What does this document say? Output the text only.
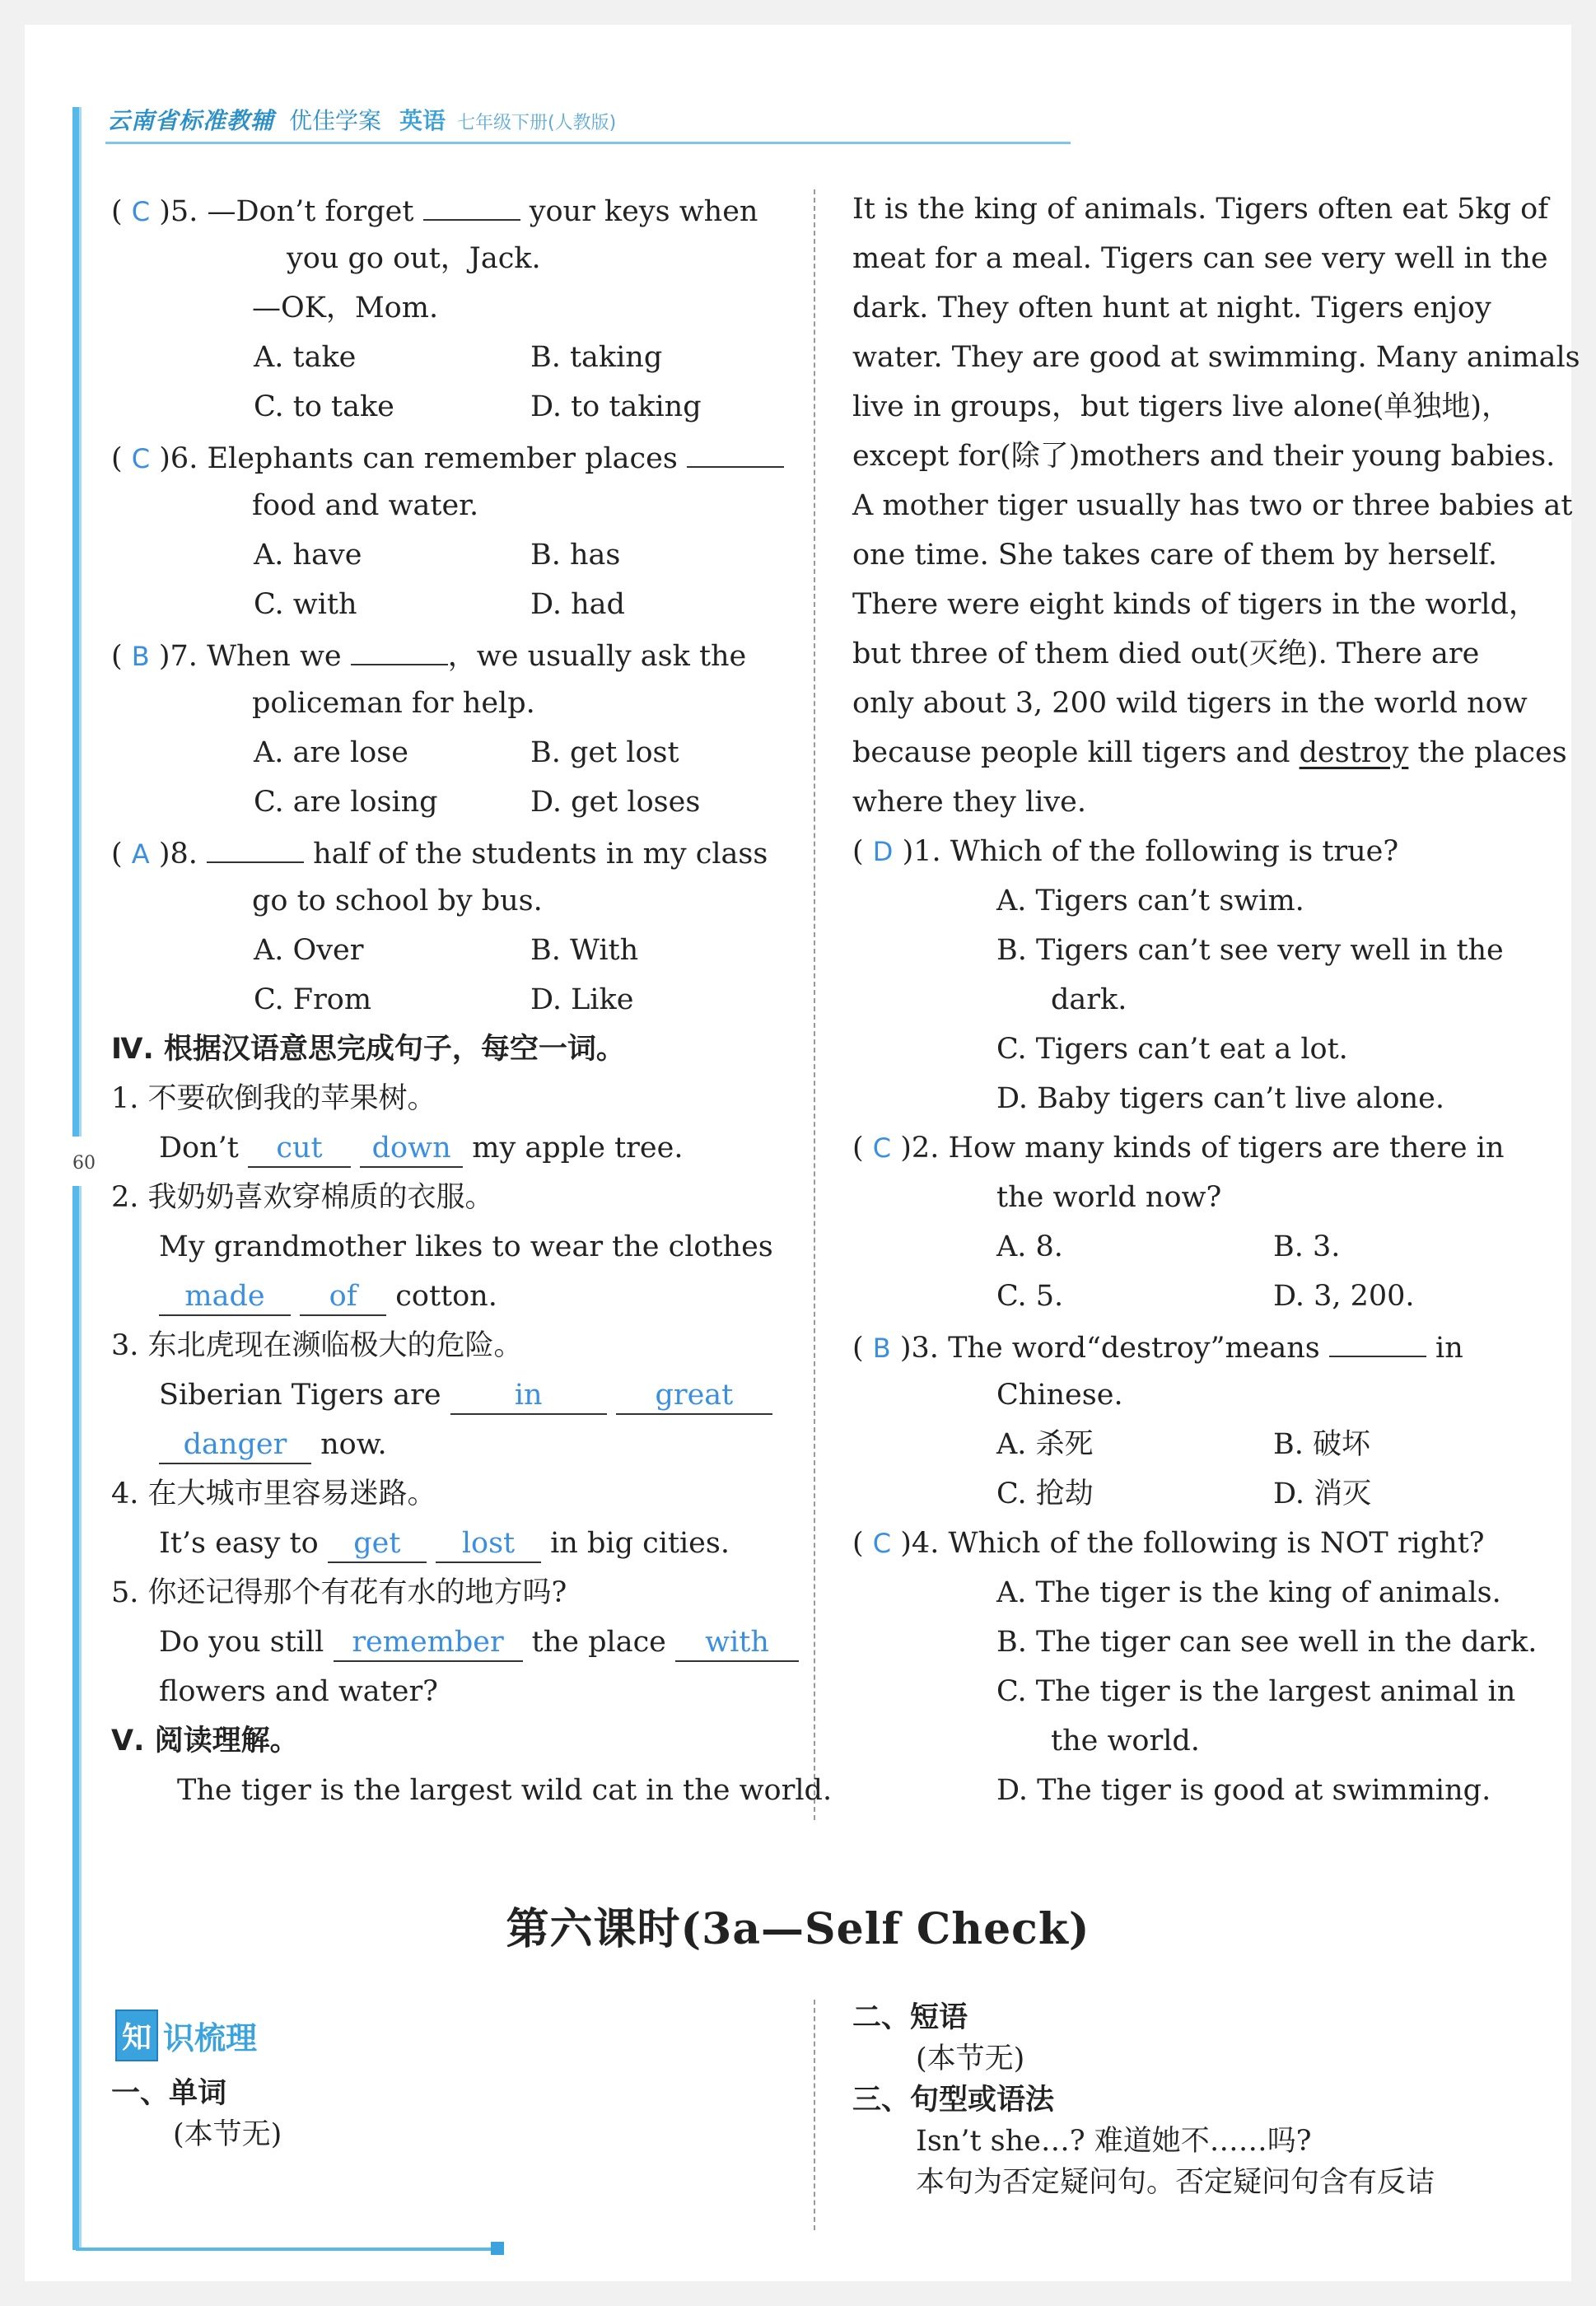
云南省标准教辅 优佳学案 英语 七年级下册(人教版)
60
( C )5. —Don’t forget	your keys when
you go out，Jack.
—OK，Mom.
A. take	B. taking
C. to take	D. to taking
( C )6. Elephants can remember places
food and water.
A. have	B. has
C. with	D. had
( B )7. When we	，we usually ask the
policeman for help.
A. are lose	B. get lost
C. are losing	D. get loses
( A )8.	half of the students in my class
go to school by bus.
A. Over	B. With
C. From	D. Like
Ⅳ. 根据汉语意思完成句子，每空一词。
1. 不要砍倒我的苹果树。
Don’t cut down my apple tree.
2. 我奶奶喜欢穿棉质的衣服。
My grandmother likes to wear the clothes
made of cotton.
3. 东北虎现在濒临极大的危险。
Siberian Tigers are	in	great
danger now.
4. 在大城市里容易迷路。
It’s easy to get lost in big cities.
5. 你还记得那个有花有水的地方吗?
Do you still remember the place with
flowers and water?
Ⅴ. 阅读理解。
The tiger is the largest wild cat in the world.
It is the king of animals. Tigers often eat 5kg of
meat for a meal. Tigers can see very well in the
dark. They often hunt at night. Tigers enjoy
water. They are good at swimming. Many animals
live in groups，but tigers live alone(单独地)，
except for(除了)mothers and their young babies.
A mother tiger usually has two or three babies at
one time. She takes care of them by herself.
There were eight kinds of tigers in the world，
but three of them died out(灭绝). There are
only about 3, 200 wild tigers in the world now
because people kill tigers and destroy the places
where they live.
( D )1. Which of the following is true?
A. Tigers can’t swim.
B. Tigers can’t see very well in the
dark.
C. Tigers can’t eat a lot.
D. Baby tigers can’t live alone.
( C )2. How many kinds of tigers are there in
the world now?
A. 8.	B. 3.
C. 5.	D. 3, 200.
( B )3. The word“destroy”means	in
Chinese.
A. 杀死	B. 破坏
C. 抢劫	D. 消灭
( C )4. Which of the following is NOT right?
A. The tiger is the king of animals.
B. The tiger can see well in the dark.
C. The tiger is the largest animal in
the world.
D. The tiger is good at swimming.
第六课时(3a—Self Check)
知 识梳理
一、单词
(本节无)
二、短语
(本节无)
三、句型或语法
Isn’t she…? 难道她不……吗?
本句为否定疑问句。否定疑问句含有反诘
